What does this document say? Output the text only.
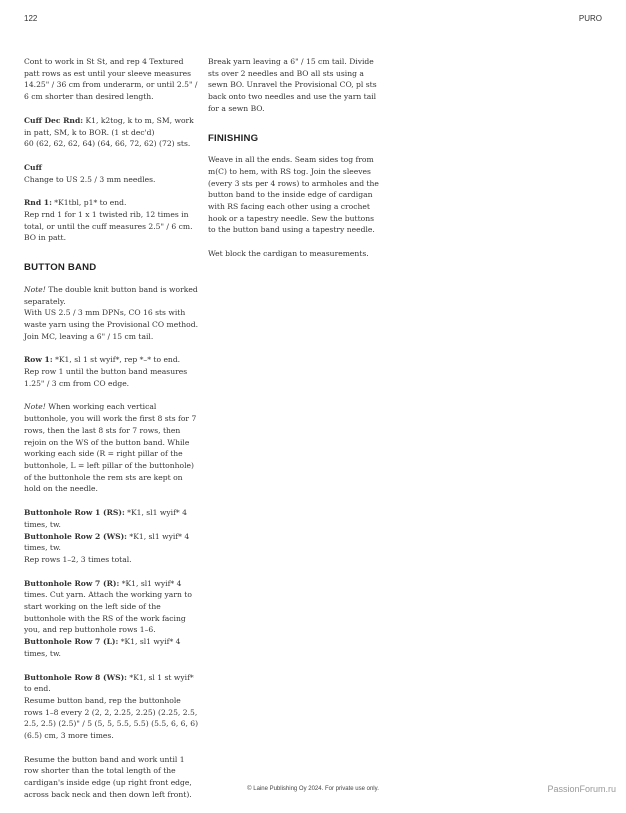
122	PURO

Cont to work in St St, and rep 4 Textured patt rows as est until your sleeve measures 14.25" / 36 cm from underarm, or until 2.5" / 6 cm shorter than desired length.

Cuff Dec Rnd: K1, k2tog, k to m, SM, work in patt, SM, k to BOR. (1 st dec'd)
60 (62, 62, 62, 64) (64, 66, 72, 62) (72) sts.

Cuff
Change to US 2.5 / 3 mm needles.

Rnd 1: *K1tbl, p1* to end.
Rep rnd 1 for 1 x 1 twisted rib, 12 times in total, or until the cuff measures 2.5" / 6 cm. BO in patt.

BUTTON BAND

Note! The double knit button band is worked separately.
With US 2.5 / 3 mm DPNs, CO 16 sts with waste yarn using the Provisional CO method. Join MC, leaving a 6" / 15 cm tail.

Row 1: *K1, sl 1 st wyif*, rep *–* to end.
Rep row 1 until the button band measures 1.25" / 3 cm from CO edge.

Note! When working each vertical buttonhole, you will work the first 8 sts for 7 rows, then the last 8 sts for 7 rows, then rejoin on the WS of the button band. While working each side (R = right pillar of the buttonhole, L = left pillar of the buttonhole) of the buttonhole the rem sts are kept on hold on the needle.

Buttonhole Row 1 (RS): *K1, sl1 wyif* 4 times, tw.
Buttonhole Row 2 (WS): *K1, sl1 wyif* 4 times, tw.
Rep rows 1–2, 3 times total.

Buttonhole Row 7 (R): *K1, sl1 wyif* 4 times. Cut yarn. Attach the working yarn to start working on the left side of the buttonhole with the RS of the work facing you, and rep buttonhole rows 1–6.
Buttonhole Row 7 (L): *K1, sl1 wyif* 4 times, tw.

Buttonhole Row 8 (WS): *K1, sl 1 st wyif* to end.
Resume button band, rep the buttonhole rows 1–8 every 2 (2, 2, 2.25, 2.25) (2.25, 2.5, 2.5, 2.5) (2.5)" / 5 (5, 5, 5.5, 5.5) (5.5, 6, 6, 6) (6.5) cm, 3 more times.

Resume the button band and work until 1 row shorter than the total length of the cardigan's inside edge (up right front edge, across back neck and then down left front).

Break yarn leaving a 6" / 15 cm tail. Divide sts over 2 needles and BO all sts using a sewn BO. Unravel the Provisional CO, pl sts back onto two needles and use the yarn tail for a sewn BO.

FINISHING

Weave in all the ends. Seam sides tog from m(C) to hem, with RS tog. Join the sleeves (every 3 sts per 4 rows) to armholes and the button band to the inside edge of cardigan with RS facing each other using a crochet hook or a tapestry needle. Sew the buttons to the button band using a tapestry needle.

Wet block the cardigan to measurements.

© Laine Publishing Oy 2024. For private use only.	PassionForum.ru
